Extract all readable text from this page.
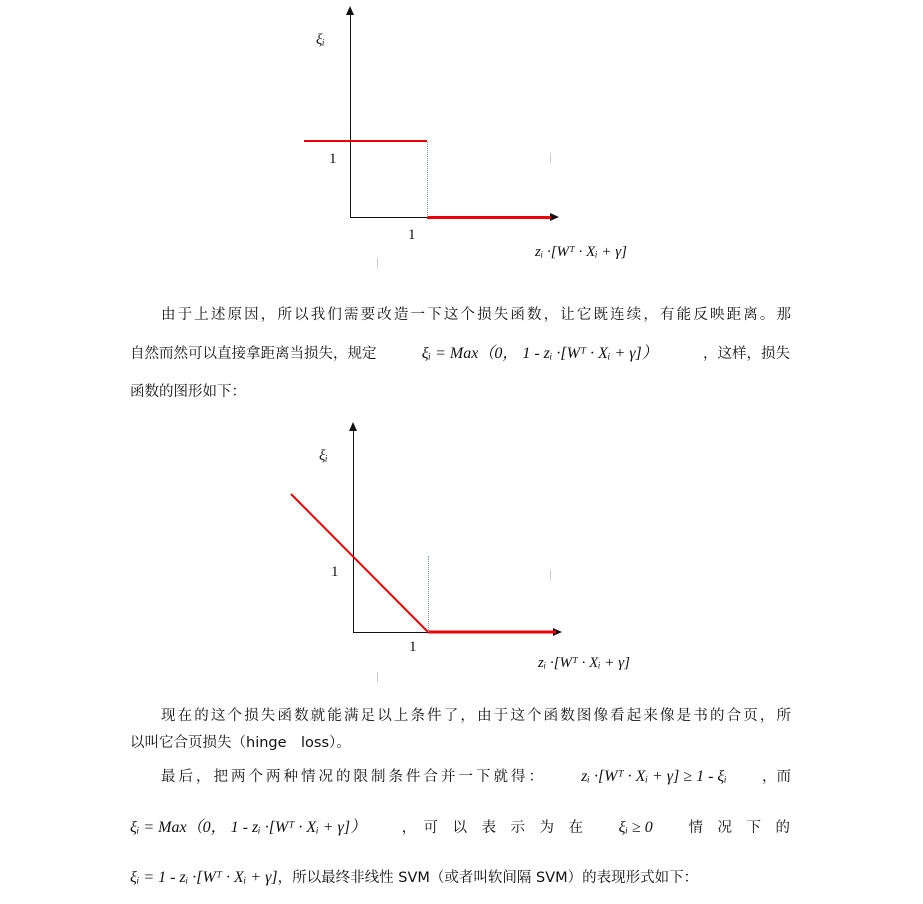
ξᵢ
1
1
zᵢ ·[Wᵀ · Xᵢ + γ]
由于上述原因，所以我们需要改造一下这个损失函数，让它既连续，有能反映距离。那
自然而然可以直接拿距离当损失，规定	ξᵢ = Max（0， 1 - zᵢ ·[Wᵀ · Xᵢ + γ]）	，这样，损失
函数的图形如下：
ξᵢ
1
1
zᵢ ·[Wᵀ · Xᵢ + γ]
现在的这个损失函数就能满足以上条件了，由于这个函数图像看起来像是书的合页，所
以叫它合页损失（hinge　loss）。
最后，把两个两种情况的限制条件合并一下就得： zᵢ ·[Wᵀ · Xᵢ + γ] ≥ 1 - ξᵢ ，而
ξᵢ = Max（0， 1 - zᵢ ·[Wᵀ · Xᵢ + γ]） ，　可　以　表　示　为　在 ξᵢ ≥ 0 情　况　下　的
ξᵢ = 1 - zᵢ ·[Wᵀ · Xᵢ + γ] ，所以最终非线性 SVM（或者叫软间隔 SVM）的表现形式如下：
